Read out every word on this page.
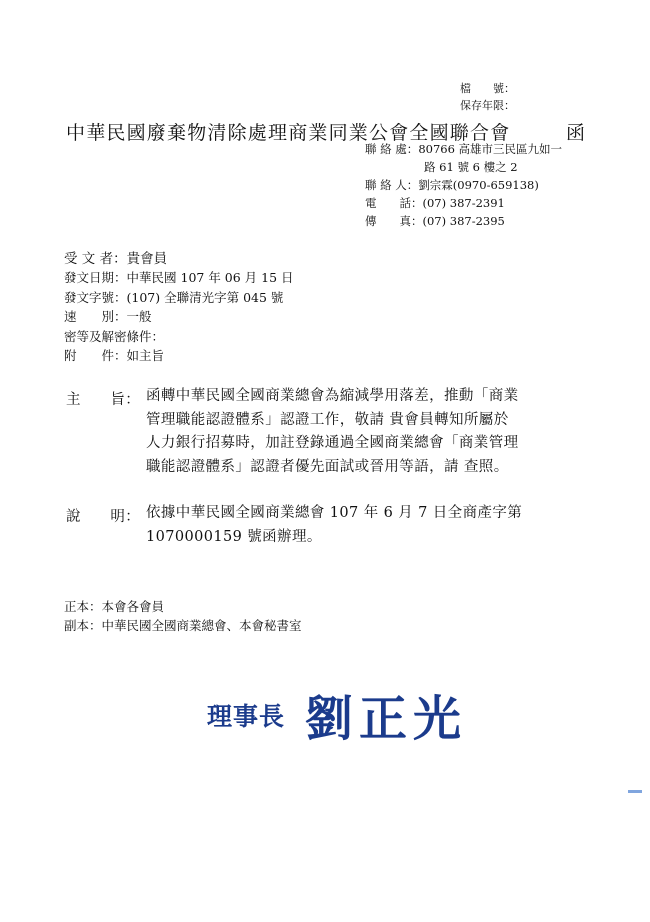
檔　　號：
保存年限：
中華民國廢棄物清除處理商業同業公會全國聯合會	函
聯 絡 處：80766 高雄市三民區九如一
路 61 號 6 樓之 2
聯 絡 人：劉宗霖(0970-659138)
電　　話：(07) 387-2391
傳　　真：(07) 387-2395
受 文 者：貴會員
發文日期：中華民國 107 年 06 月 15 日
發文字號：(107) 全聯清光字第 045 號
速　　別：一般
密等及解密條件：
附　　件：如主旨
主　　旨： 函轉中華民國全國商業總會為縮減學用落差，推動「商業
管理職能認證體系」認證工作，敬請 貴會員轉知所屬於
人力銀行招募時，加註登錄通過全國商業總會「商業管理
職能認證體系」認證者優先面試或晉用等語，請 查照。
說　　明： 依據中華民國全國商業總會 107 年 6 月 7 日全商產字第
1070000159 號函辦理。
正本：本會各會員
副本：中華民國全國商業總會、本會秘書室
理事長 劉正光
